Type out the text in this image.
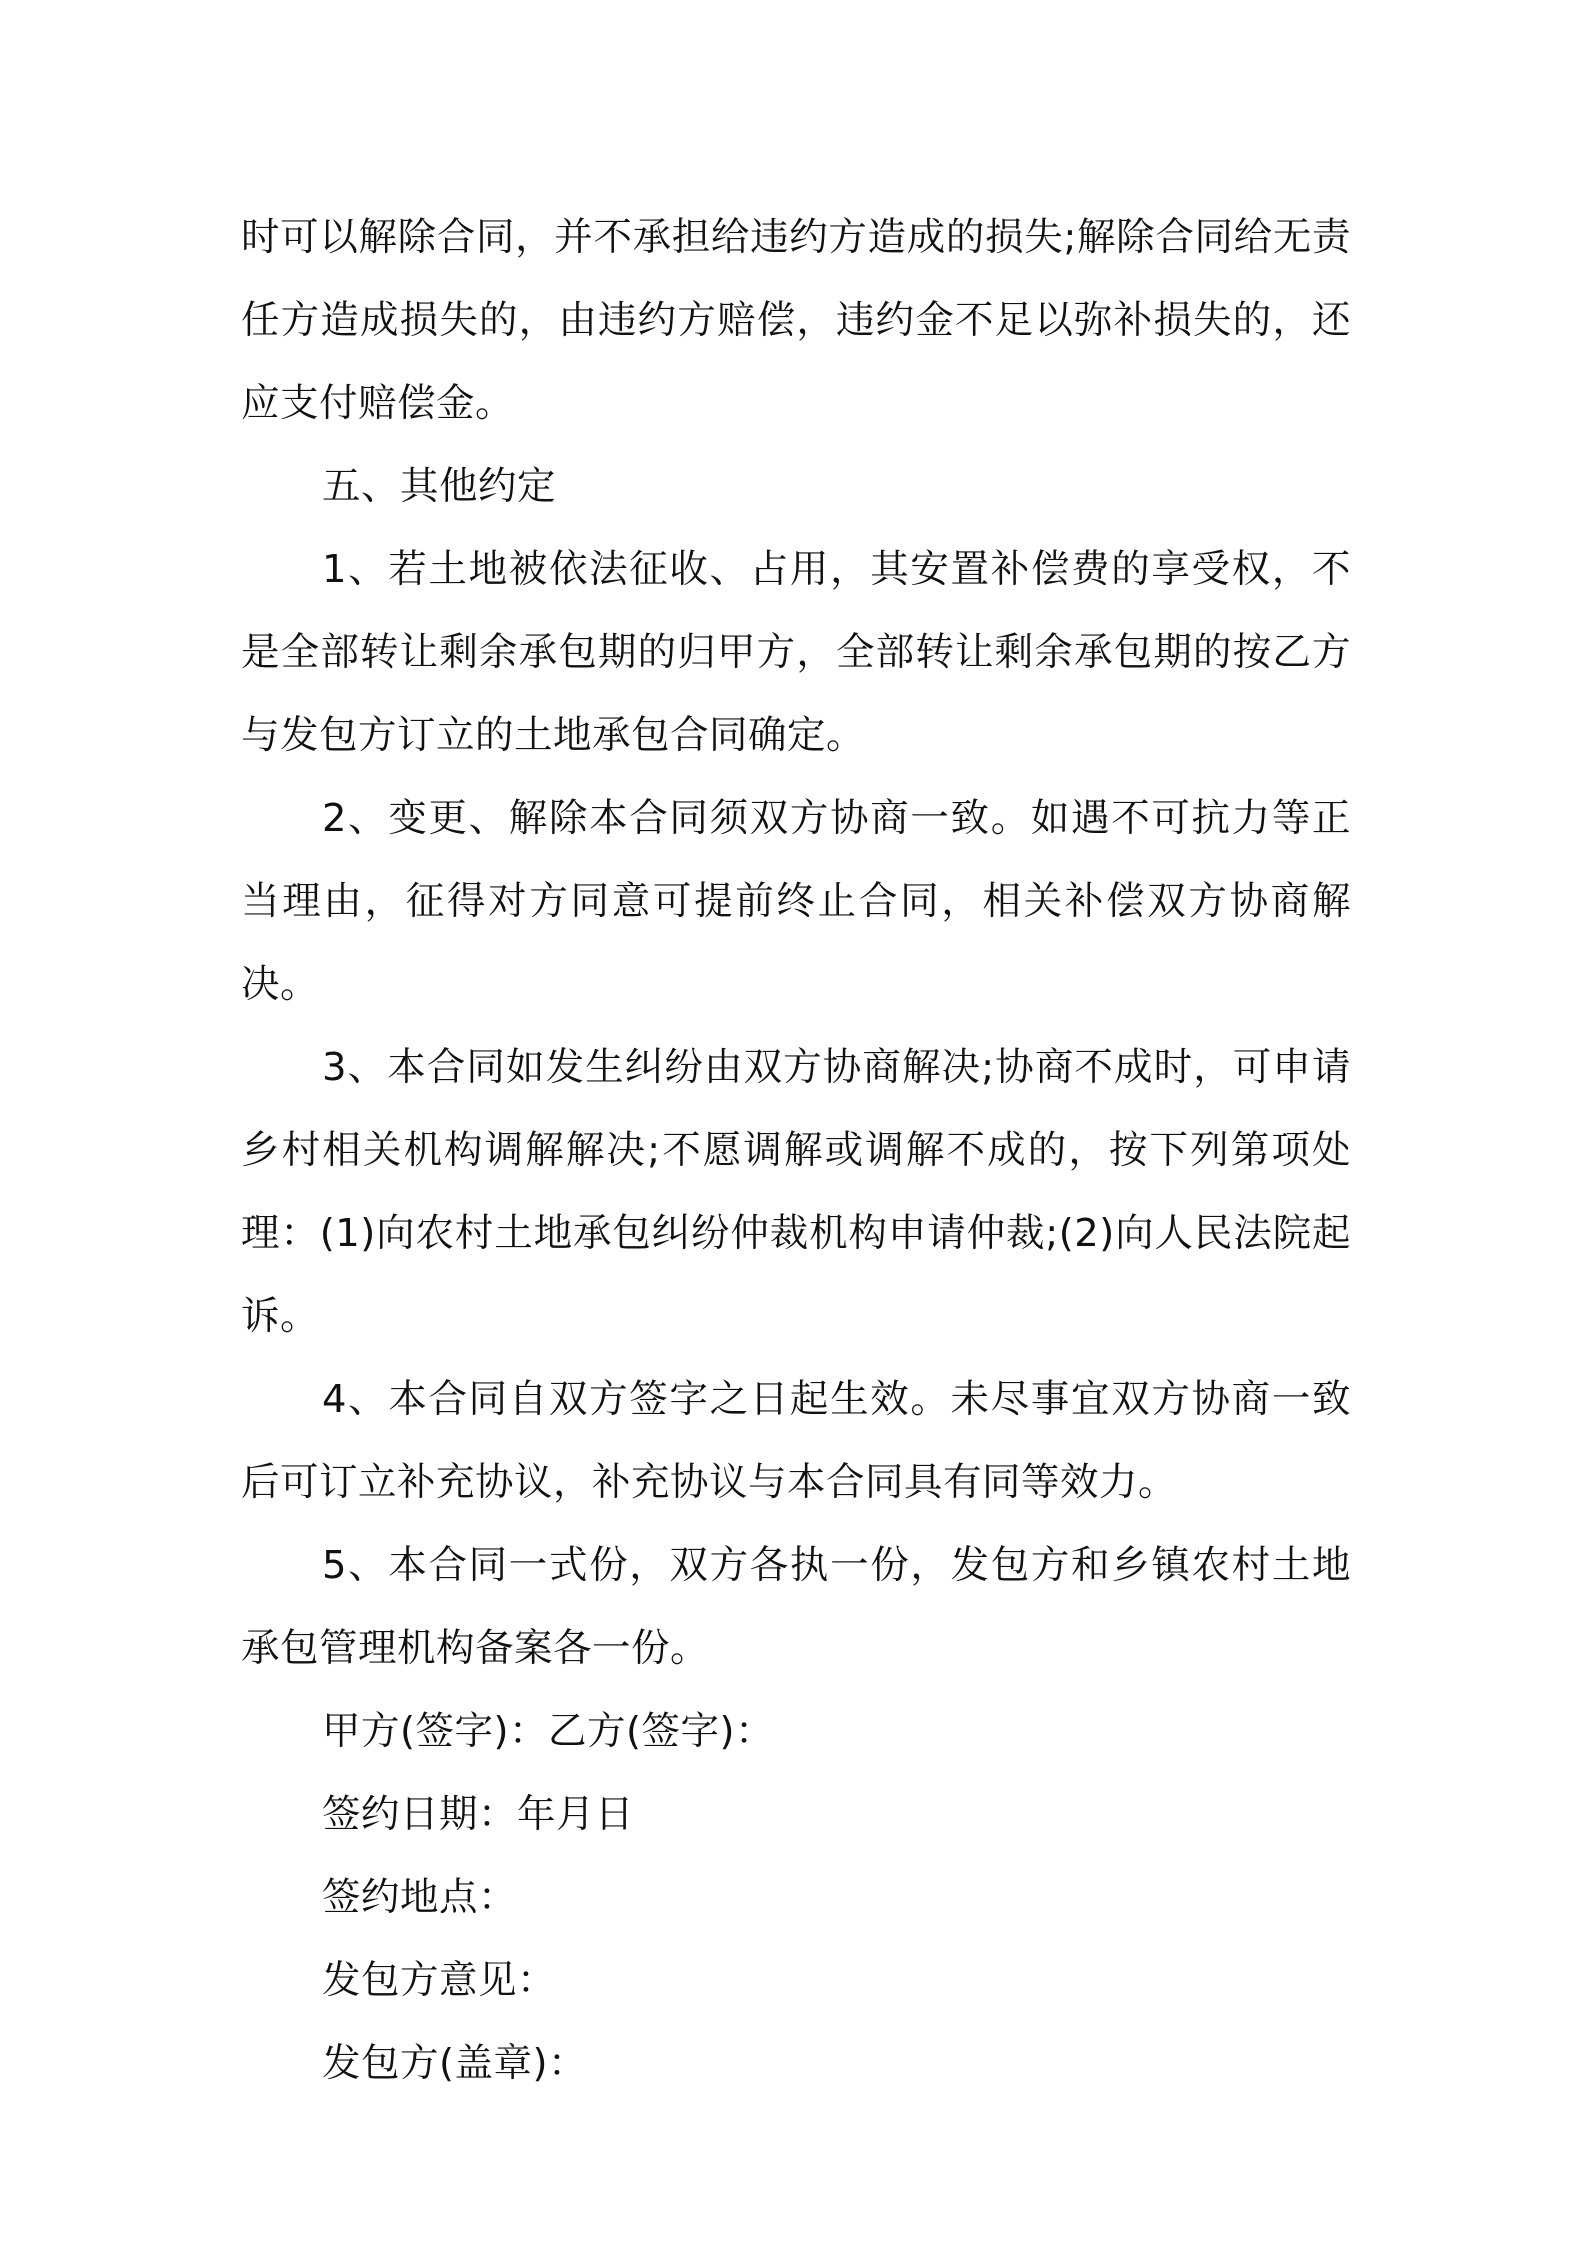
时可以解除合同，并不承担给违约方造成的损失;解除合同给无责任方造成损失的，由违约方赔偿，违约金不足以弥补损失的，还应支付赔偿金。

五、其他约定

1、若土地被依法征收、占用，其安置补偿费的享受权，不是全部转让剩余承包期的归甲方，全部转让剩余承包期的按乙方与发包方订立的土地承包合同确定。

2、变更、解除本合同须双方协商一致。如遇不可抗力等正当理由，征得对方同意可提前终止合同，相关补偿双方协商解决。

3、本合同如发生纠纷由双方协商解决;协商不成时，可申请乡村相关机构调解解决;不愿调解或调解不成的，按下列第项处理：(1)向农村土地承包纠纷仲裁机构申请仲裁;(2)向人民法院起诉。

4、本合同自双方签字之日起生效。未尽事宜双方协商一致后可订立补充协议，补充协议与本合同具有同等效力。

5、本合同一式份，双方各执一份，发包方和乡镇农村土地承包管理机构备案各一份。

甲方(签字)：乙方(签字)：

签约日期：年月日

签约地点：

发包方意见：

发包方(盖章)：
